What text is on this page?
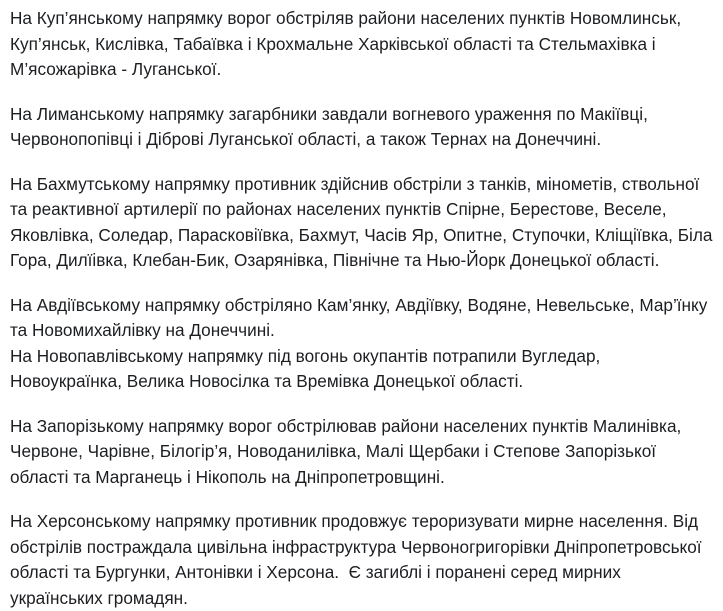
На Куп’янському напрямку ворог обстріляв райони населених пунктів Новомлинськ, Куп’янськ, Кислівка, Табаївка і Крохмальне Харківської області та Стельмахівка і М’ясожарівка - Луганської.

На Лиманському напрямку загарбники завдали вогневого ураження по Макіївці, Червонопопівці і Діброві Луганської області, а також Тернах на Донеччині.

На Бахмутському напрямку противник здійснив обстріли з танків, мінометів, ствольної та реактивної артилерії по районах населених пунктів Спірне, Берестове, Веселе, Яковлівка, Соледар, Парасковіївка, Бахмут, Часів Яр, Опитне, Ступочки, Кліщіївка, Біла Гора, Дилїівка, Клебан-Бик, Озарянівка, Північне та Нью-Йорк Донецької області.

На Авдіївському напрямку обстріляно Кам’янку, Авдіївку, Водяне, Невельське, Мар’їнку та Новомихайлівку на Донеччині.

На Новопавлівському напрямку під вогонь окупантів потрапили Вугледар, Новоукраїнка, Велика Новосілка та Времівка Донецької області.

На Запорізькому напрямку ворог обстрілював райони населених пунктів Малинівка, Червоне, Чарівне, Білогір’я, Новоданилівка, Малі Щербаки і Степове Запорізької області та Марганець і Нікополь на Дніпропетровщині.

На Херсонському напрямку противник продовжує тероризувати мирне населення. Від обстрілів постраждала цивільна інфраструктура Червоногригорівки Дніпропетровської області та Бургунки, Антонівки і Херсона.  Є загиблі і поранені серед мирних українських громадян.
